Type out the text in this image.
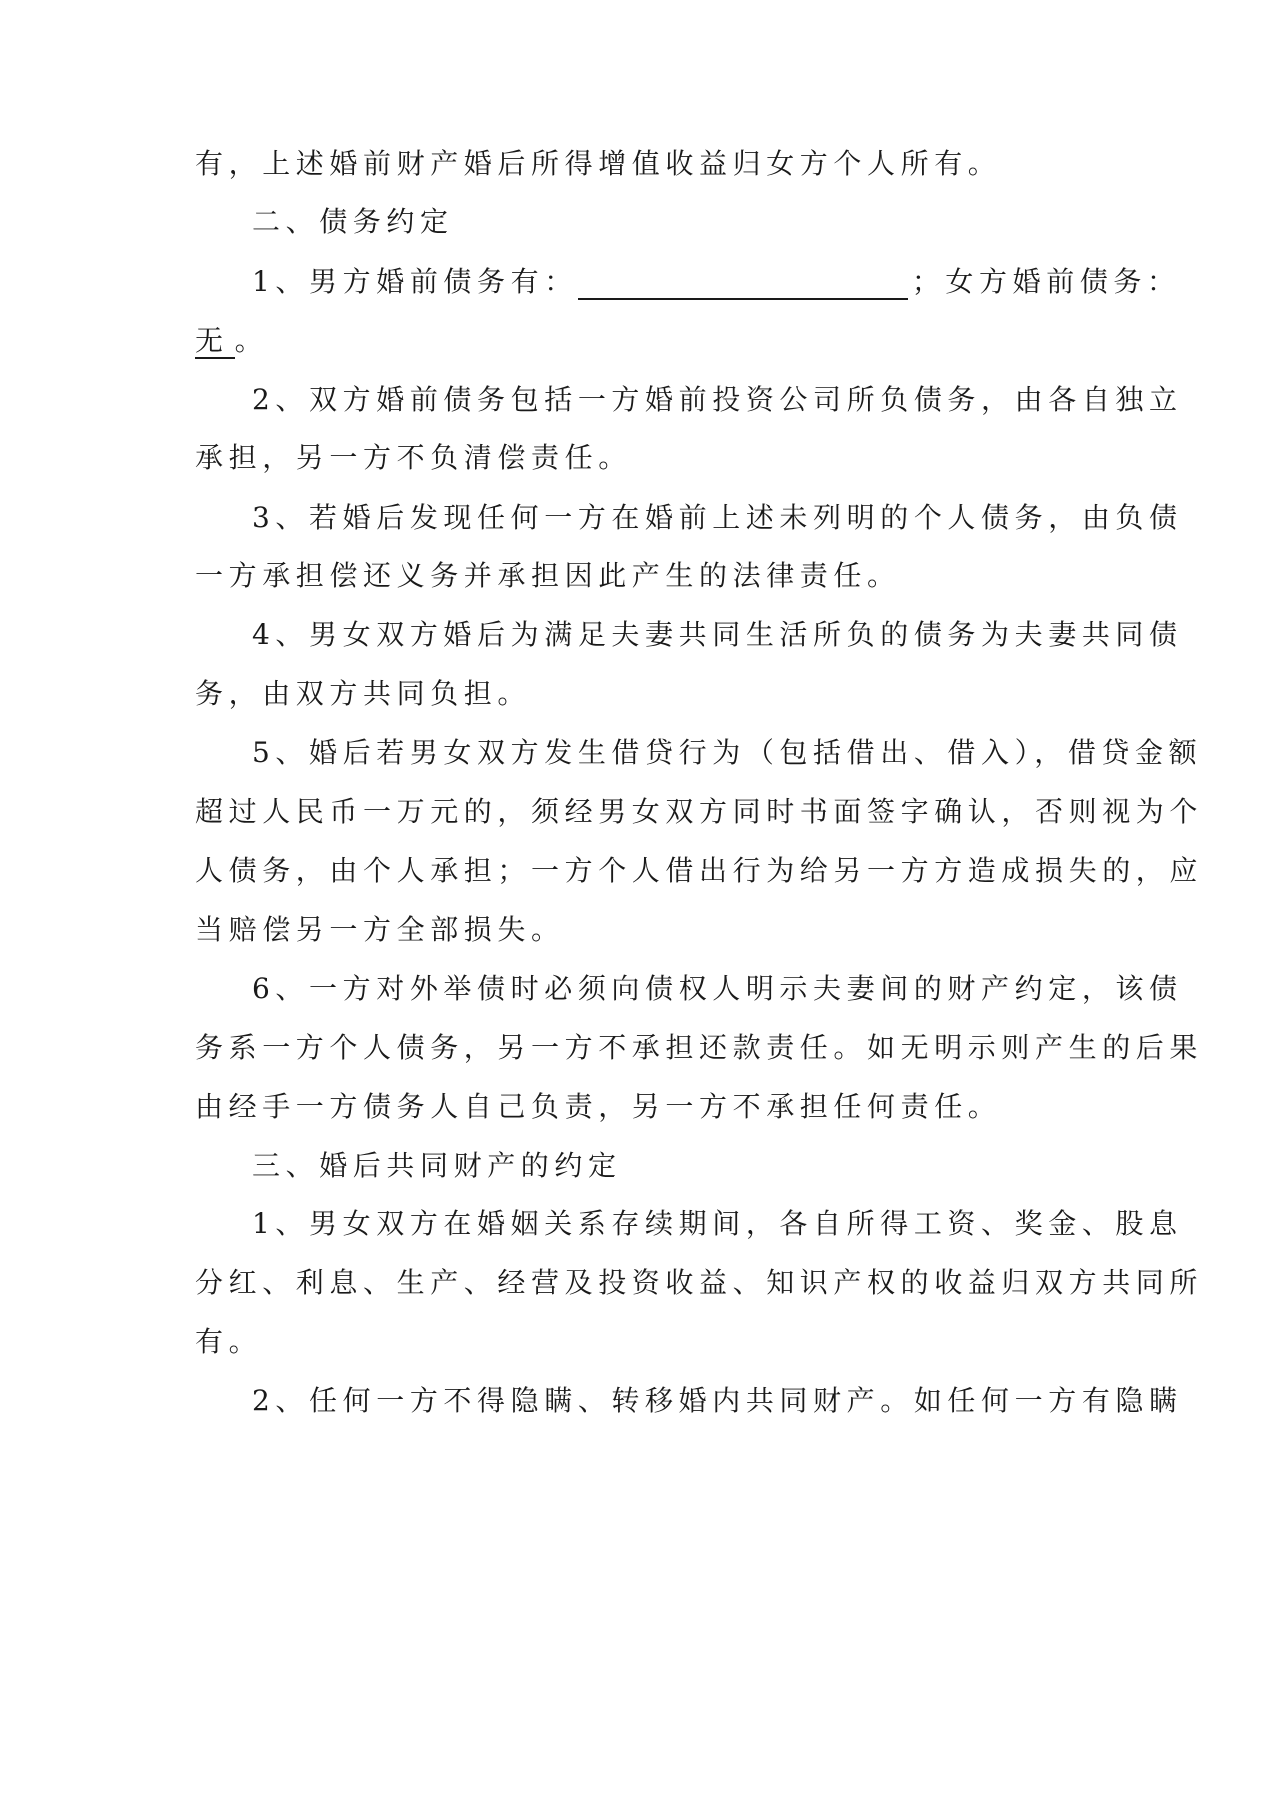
有，上述婚前财产婚后所得增值收益归女方个人所有。
二、债务约定
1、男方婚前债务有：	；女方婚前债务：
无 。
2、双方婚前债务包括一方婚前投资公司所负债务，由各自独立
承担，另一方不负清偿责任。
3、若婚后发现任何一方在婚前上述未列明的个人债务，由负债
一方承担偿还义务并承担因此产生的法律责任。
4、男女双方婚后为满足夫妻共同生活所负的债务为夫妻共同债
务，由双方共同负担。
5、婚后若男女双方发生借贷行为（包括借出、借入），借贷金额
超过人民币一万元的，须经男女双方同时书面签字确认，否则视为个
人债务，由个人承担；一方个人借出行为给另一方方造成损失的，应
当赔偿另一方全部损失。
6、一方对外举债时必须向债权人明示夫妻间的财产约定，该债
务系一方个人债务，另一方不承担还款责任。如无明示则产生的后果
由经手一方债务人自己负责，另一方不承担任何责任。
三、婚后共同财产的约定
1、男女双方在婚姻关系存续期间，各自所得工资、奖金、股息
分红、利息、生产、经营及投资收益、知识产权的收益归双方共同所
有。
2、任何一方不得隐瞒、转移婚内共同财产。如任何一方有隐瞒
